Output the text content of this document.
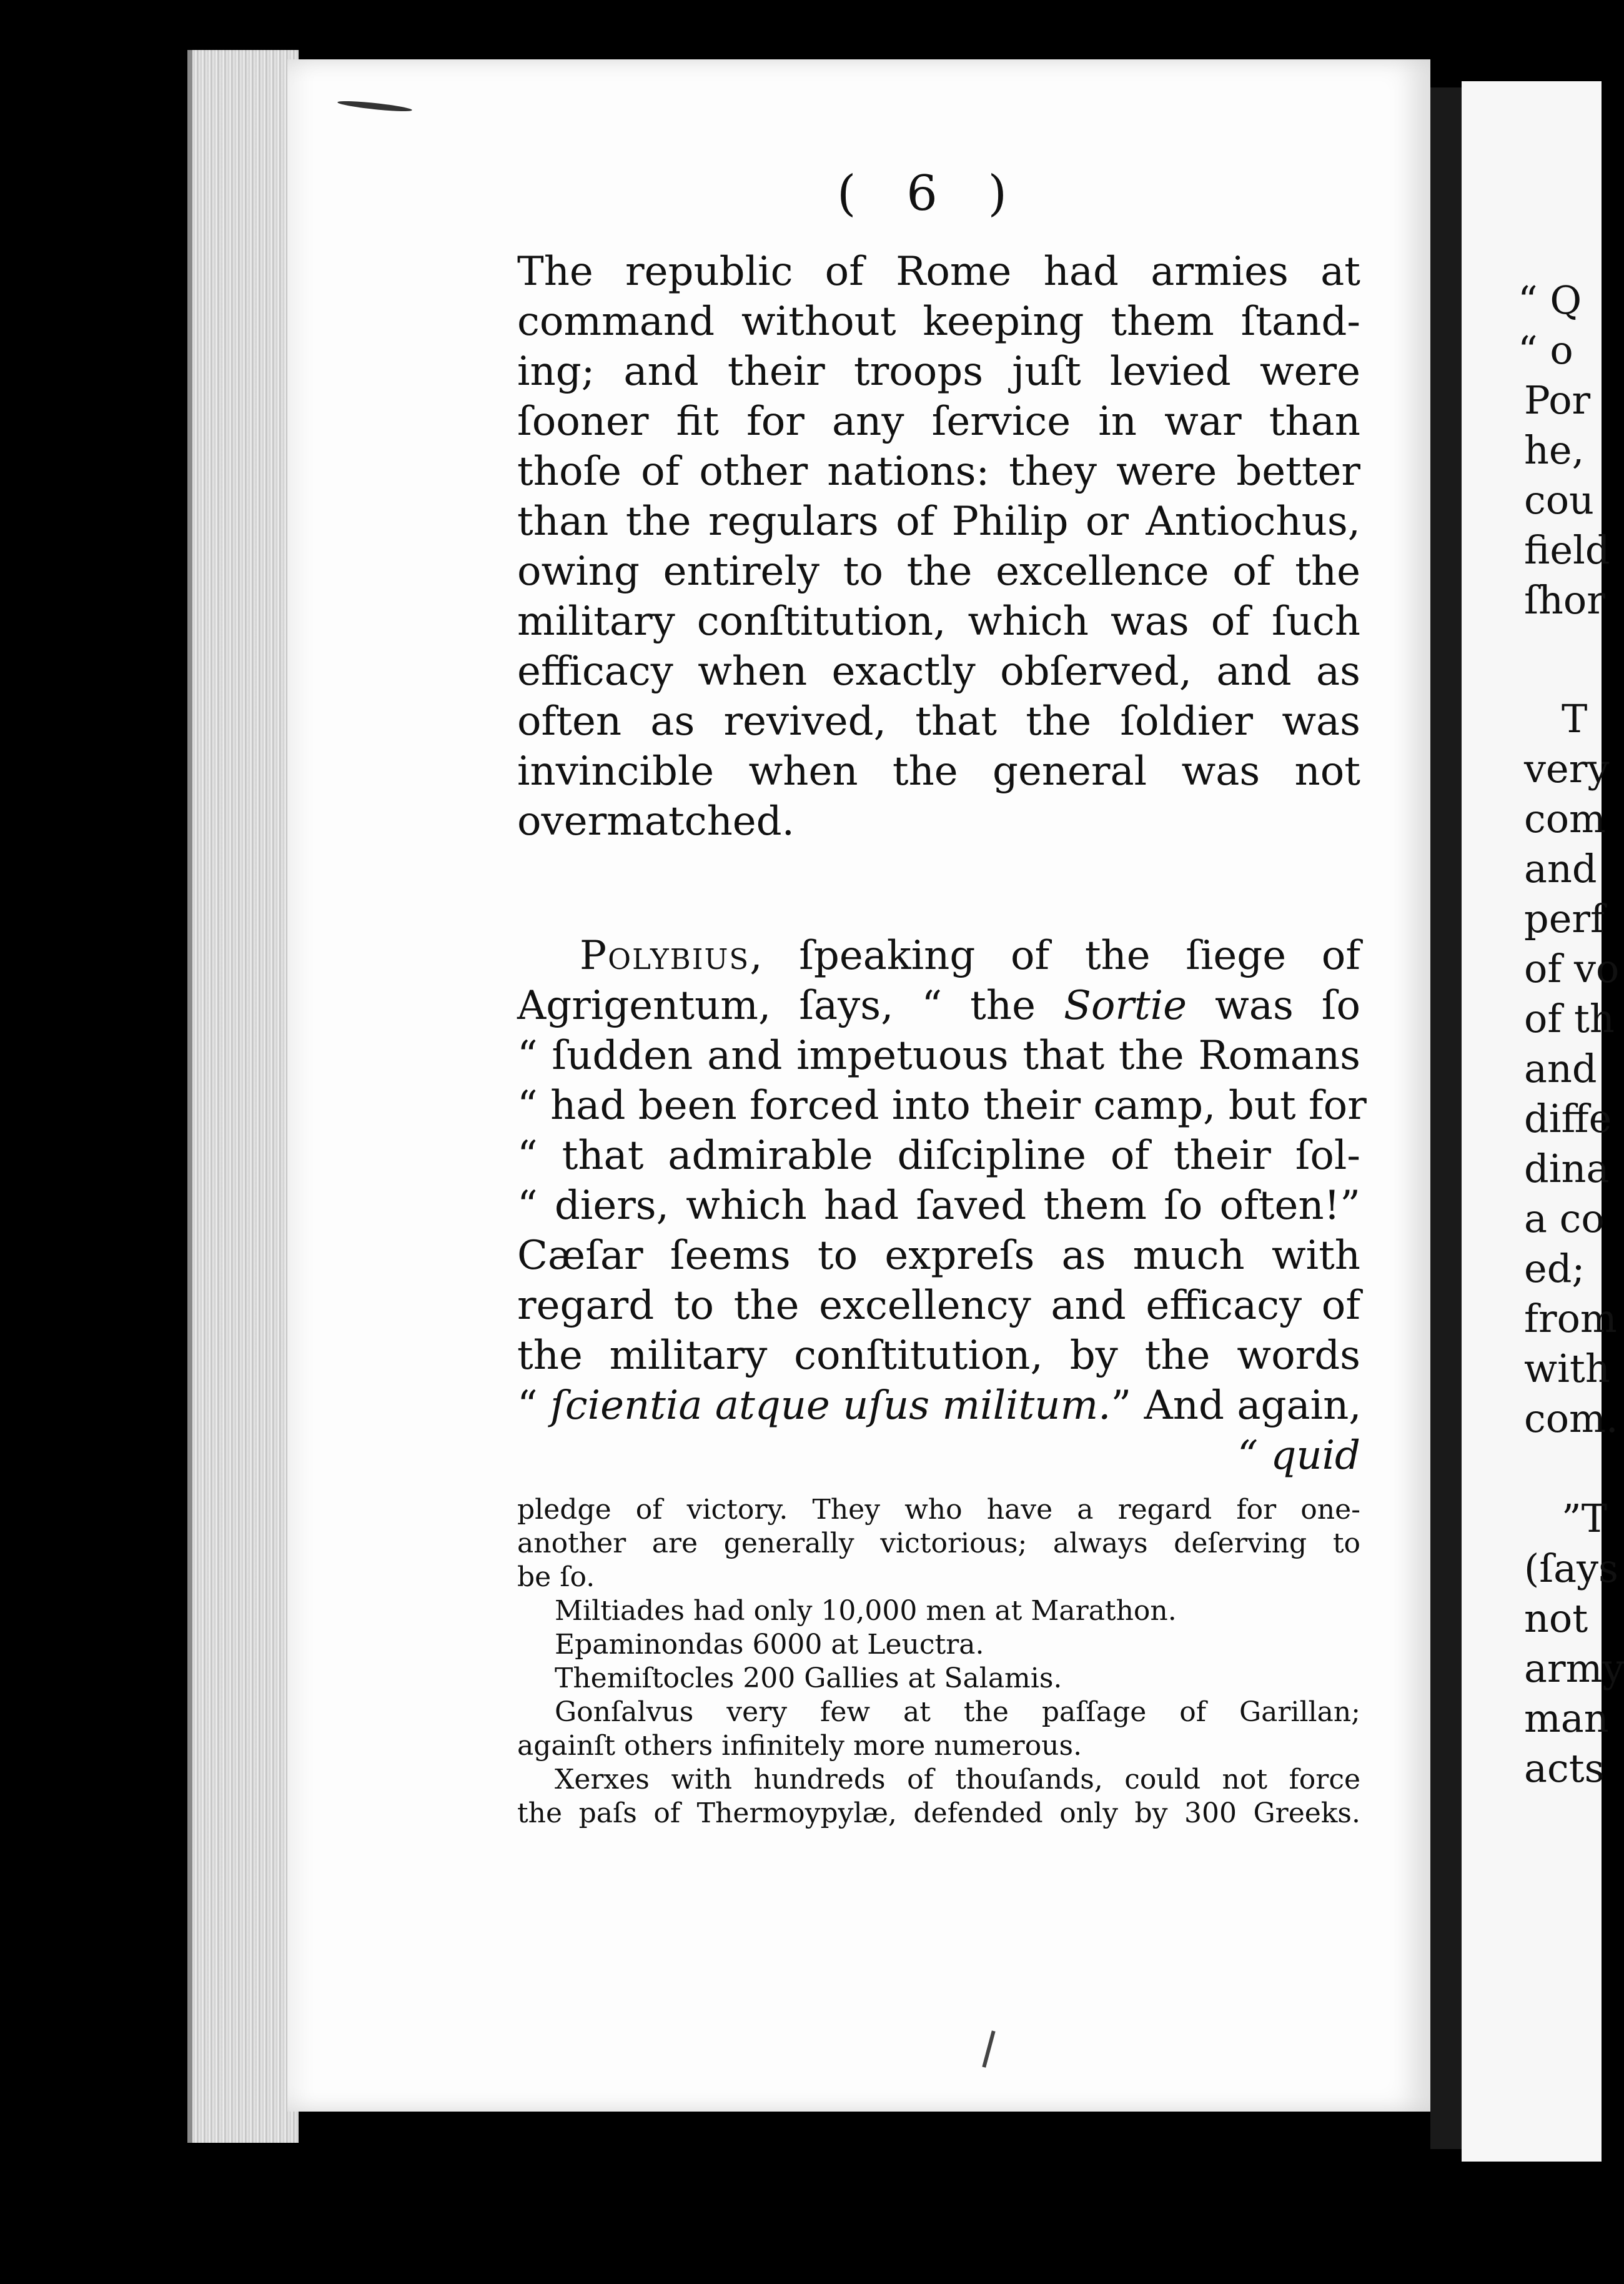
( 6 )
The republic of Rome had armies at
command without keeping them ſtand-
ing; and their troops juſt levied were
ſooner fit for any ſervice in war than
thoſe of other nations: they were better
than the regulars of Philip or Antiochus,
owing entirely to the excellence of the
military conſtitution, which was of ſuch
efficacy when exactly obſerved, and as
often as revived, that the ſoldier was
invincible when the general was not
overmatched.
Polybius, ſpeaking of the ſiege of
Agrigentum, ſays, “ the Sortie was ſo
“ ſudden and impetuous that the Romans
“ had been forced into their camp, but for
“ that admirable diſcipline of their ſol-
“ diers, which had ſaved them ſo often!”
Cæſar ſeems to expreſs as much with
regard to the excellency and efficacy of
the military conſtitution, by the words
“ ſcientia atque uſus militum.” And again,
“ quid
pledge of victory. They who have a regard for one-
another are generally victorious; always deſerving to
be ſo.
Miltiades had only 10,000 men at Marathon.
Epaminondas 6000 at Leuctra.
Themiſtocles 200 Gallies at Salamis.
Gonſalvus very few at the paſſage of Garillan;
againſt others infinitely more numerous.
Xerxes with hundreds of thouſands, could not force
the paſs of Thermoypylæ, defended only by 300 Greeks.
“ Q
“ o
Por
he,
cou
field
ſhor
T
very
com
and
perf
of vo
of th
and
diffe
dina
a co
ed;
from
with
com.
”T
(ſays
not
army
man
acts
